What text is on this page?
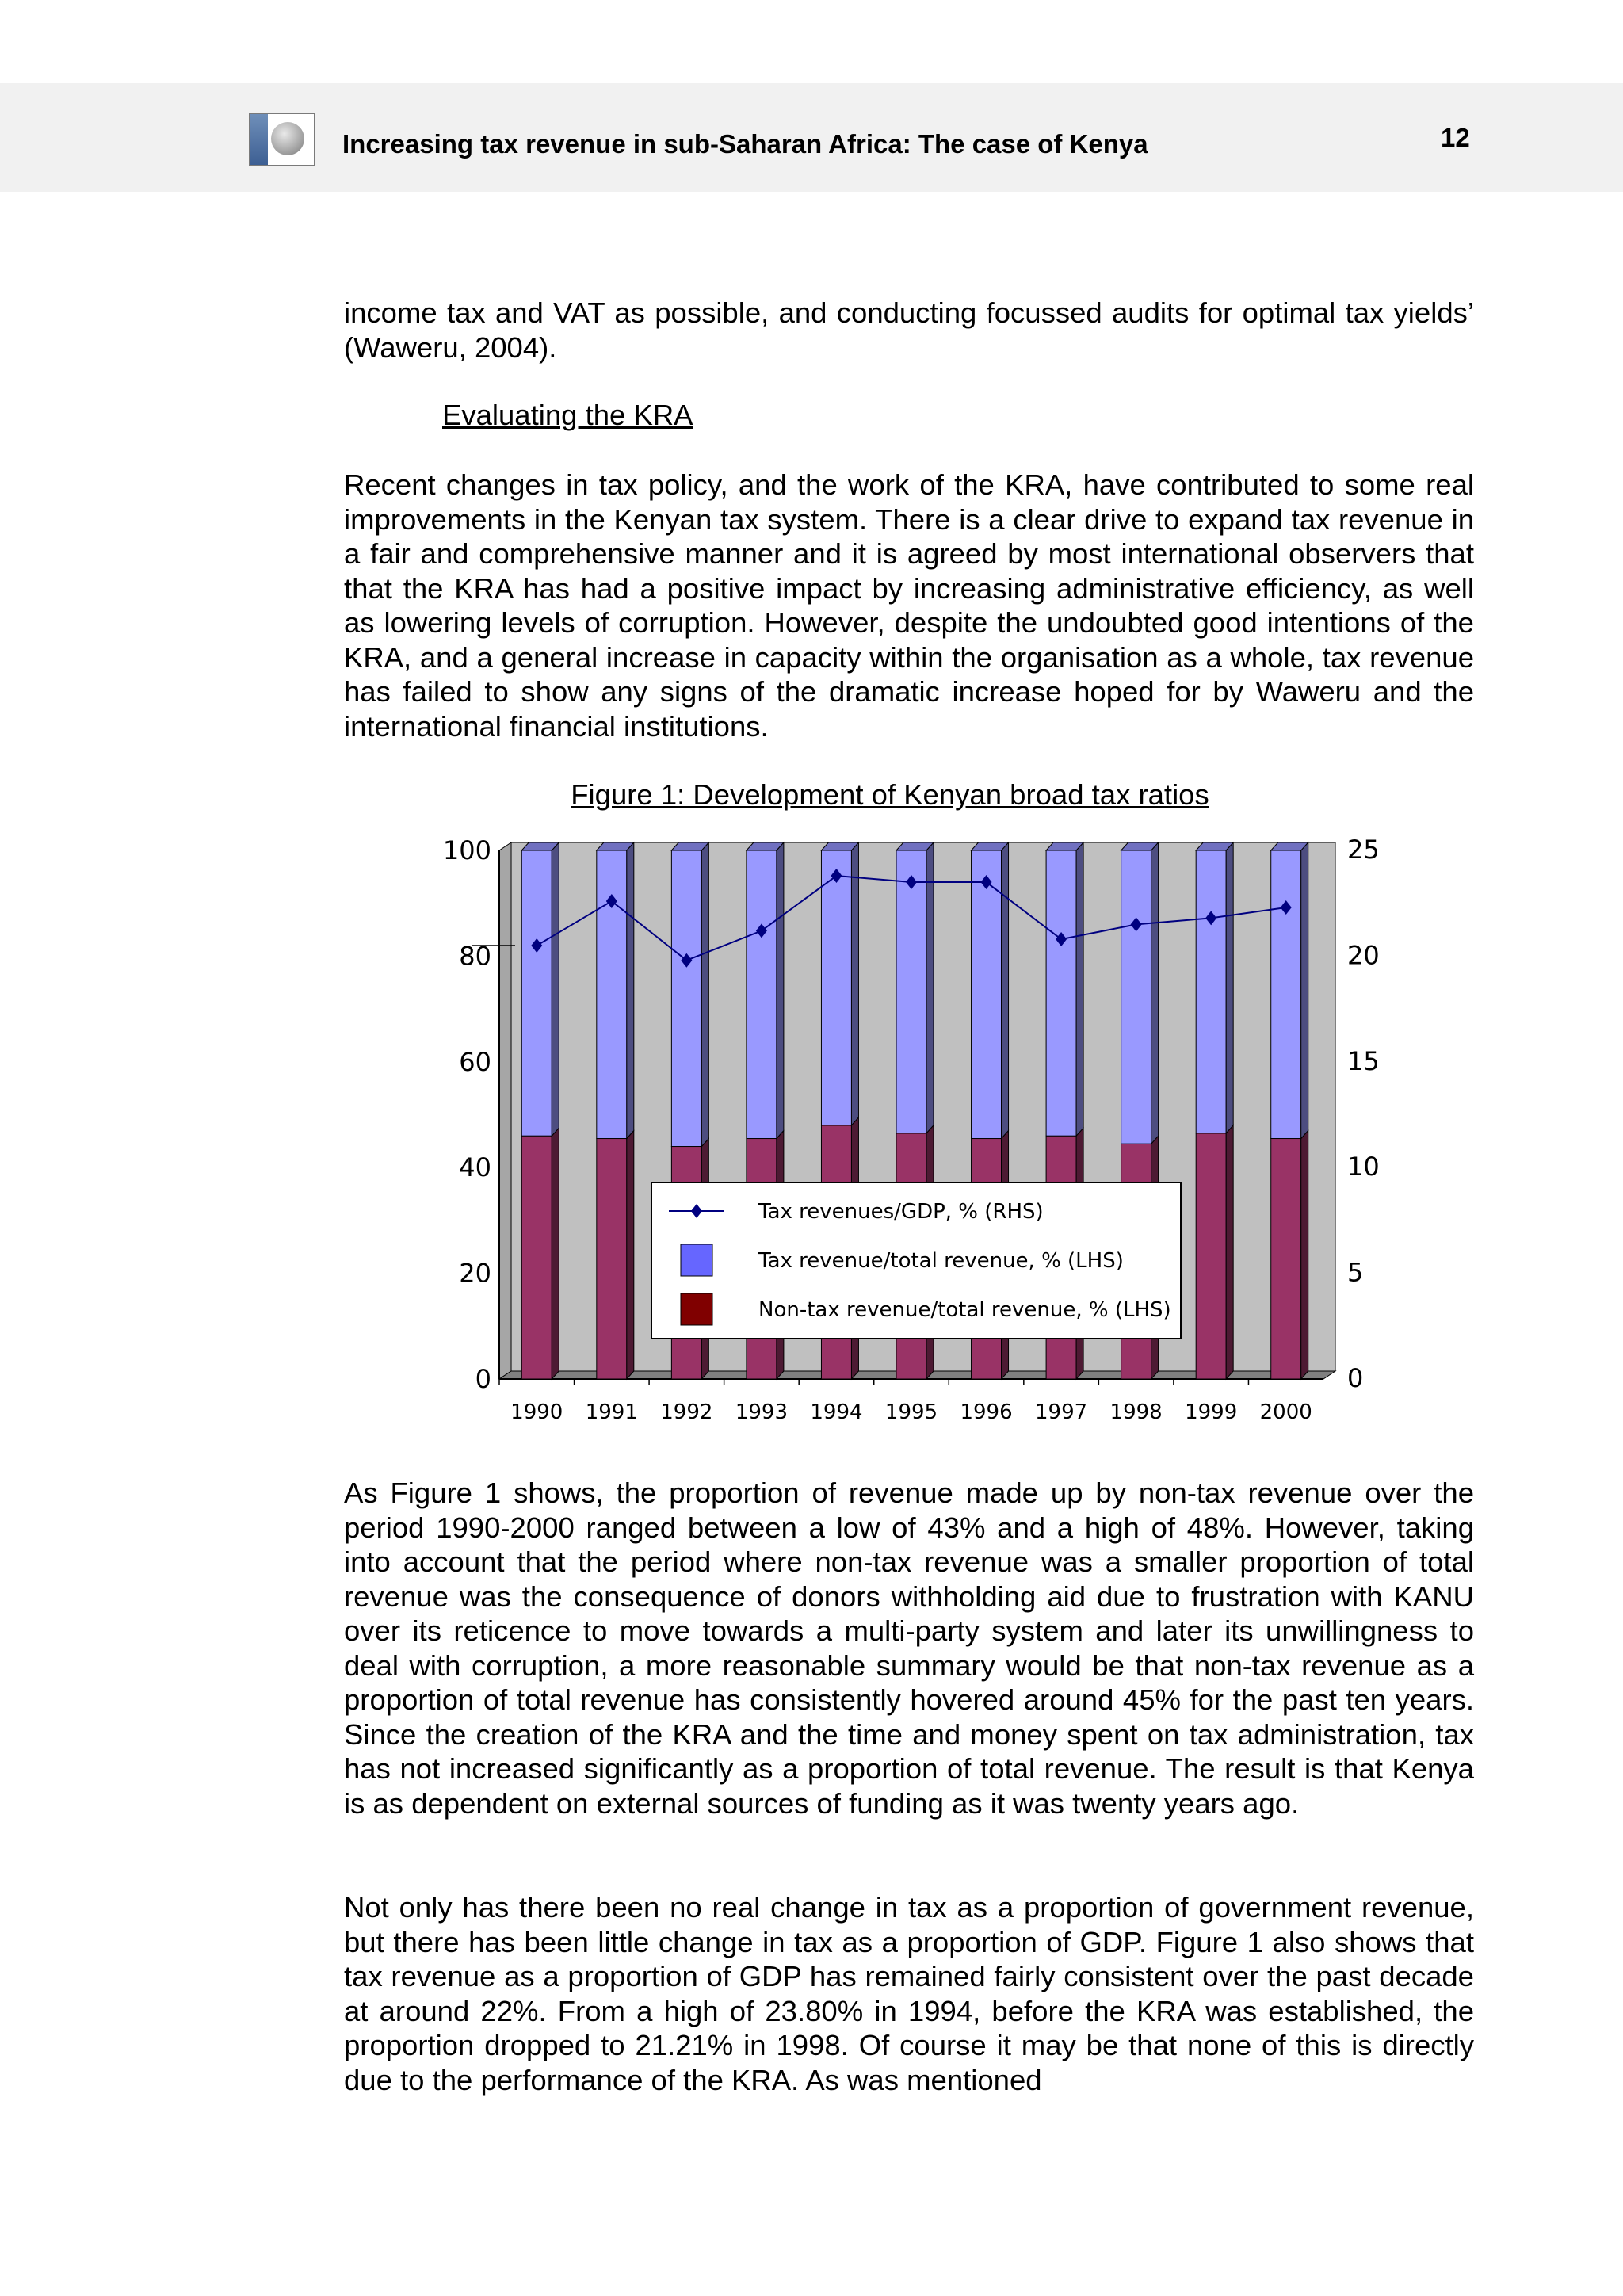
Increasing tax revenue in sub-Saharan Africa: The case of Kenya	12
income tax and VAT as possible, and conducting focussed audits for optimal tax yields’ (Waweru, 2004).
Evaluating the KRA
Recent changes in tax policy, and the work of the KRA, have contributed to some real improvements in the Kenyan tax system. There is a clear drive to expand tax revenue in a fair and comprehensive manner and it is agreed by most international observers that that the KRA has had a positive impact by increasing administrative efficiency, as well as lowering levels of corruption. However, despite the undoubted good intentions of the KRA, and a general increase in capacity within the organisation as a whole, tax revenue has failed to show any signs of the dramatic increase hoped for by Waweru and the international financial institutions.
Figure 1: Development of Kenyan broad tax ratios
0
20
40
60
80
100
0
5
10
15
20
25
1990 1991 1992 1993 1994 1995 1996 1997 1998 1999 2000
Tax revenues/GDP, % (RHS)
Tax revenue/total revenue, % (LHS)
Non-tax revenue/total revenue, % (LHS)
As Figure 1 shows, the proportion of revenue made up by non-tax revenue over the period 1990-2000 ranged between a low of 43% and a high of 48%. However, taking into account that the period where non-tax revenue was a smaller proportion of total revenue was the consequence of donors withholding aid due to frustration with KANU over its reticence to move towards a multi-party system and later its unwillingness to deal with corruption, a more reasonable summary would be that non-tax revenue as a proportion of total revenue has consistently hovered around 45% for the past ten years. Since the creation of the KRA and the time and money spent on tax administration, tax has not increased significantly as a proportion of total revenue. The result is that Kenya is as dependent on external sources of funding as it was twenty years ago.
Not only has there been no real change in tax as a proportion of government revenue, but there has been little change in tax as a proportion of GDP. Figure 1 also shows that tax revenue as a proportion of GDP has remained fairly consistent over the past decade at around 22%. From a high of 23.80% in 1994, before the KRA was established, the proportion dropped to 21.21% in 1998. Of course it may be that none of this is directly due to the performance of the KRA. As was mentioned
